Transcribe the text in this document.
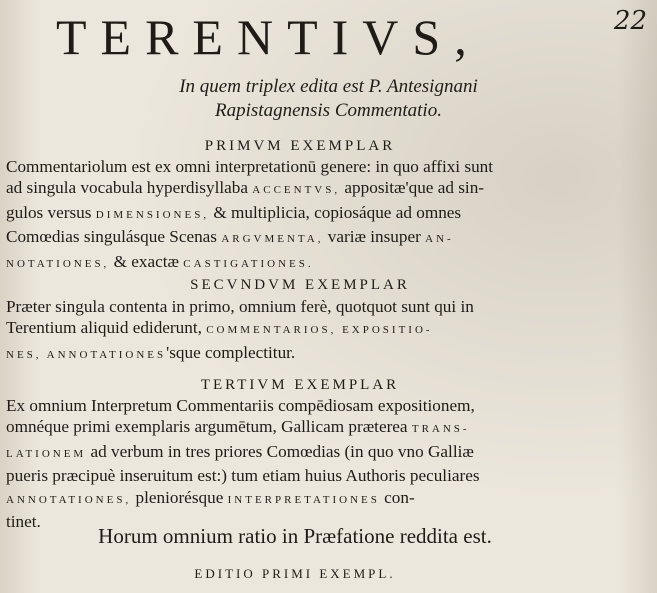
22
TERENTIVS,
In quem triplex edita est P. Antesignani
Rapistagnensis Commentatio.
PRIMVM EXEMPLAR
Commentariolum est ex omni interpretationū genere: in quo affixi sunt
ad singula vocabula hyperdisyllaba ACCENTVS, appositæ'que ad sin-
gulos versus DIMENSIONES, & multiplicia, copiosáque ad omnes
Comœdias singulásque Scenas ARGVMENTA, variæ insuper AN-
NOTATIONES, & exactæ CASTIGATIONES.
SECVNDVM EXEMPLAR
Præter singula contenta in primo, omnium ferè, quotquot sunt qui in
Terentium aliquid ediderunt, COMMENTARIOS, EXPOSITIO-
NES, ANNOTATIONES'sque complectitur.
TERTIVM EXEMPLAR
Ex omnium Interpretum Commentariis compēdiosam expositionem,
omnéque primi exemplaris argumētum, Gallicam præterea TRANS-
LATIONEM ad verbum in tres priores Comœdias (in quo vno Galliæ
pueris præcipuè inseruitum est:) tum etiam huius Authoris peculiares
ANNOTATIONES, pleniorésque INTERPRETATIONES con-
tinet.
Horum omnium ratio in Præfatione reddita est.
EDITIO PRIMI EXEMPL.
